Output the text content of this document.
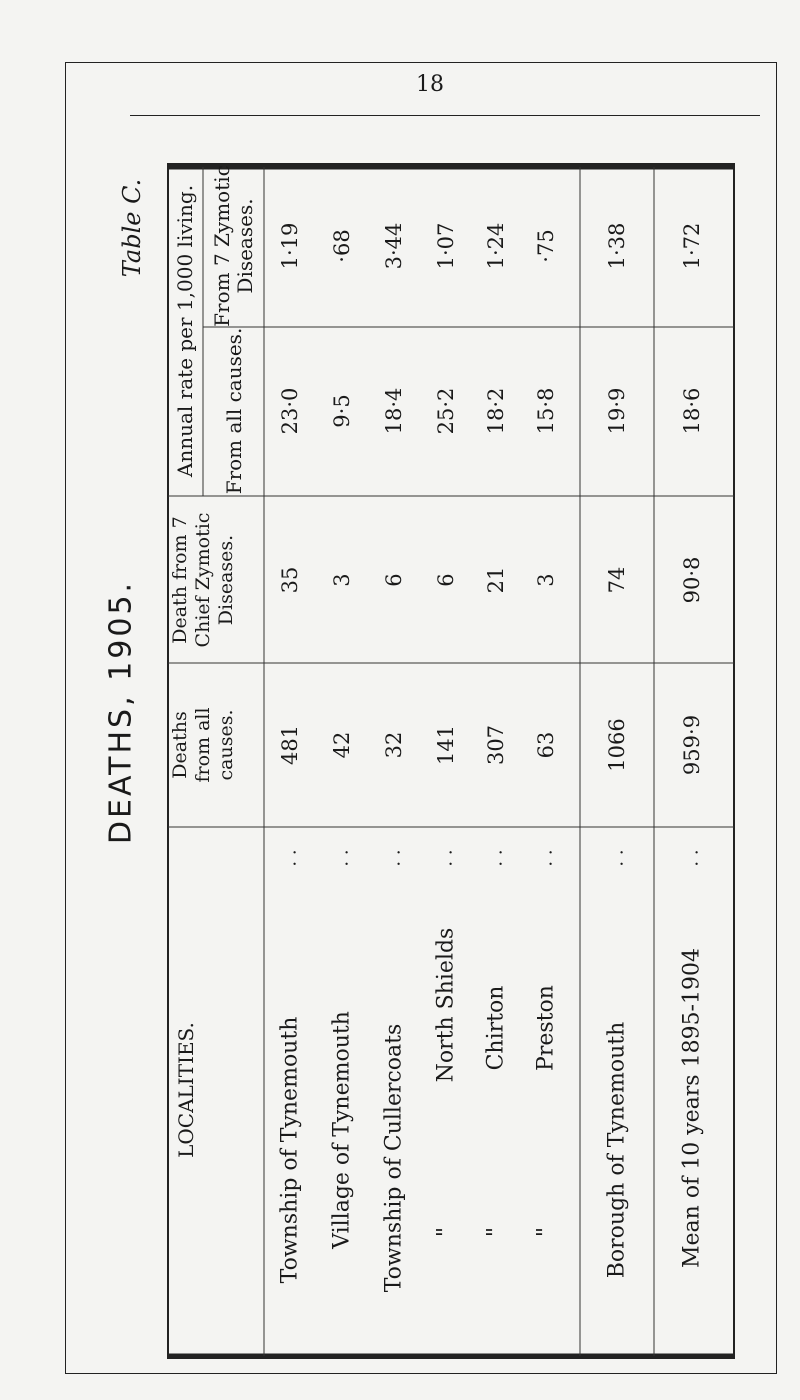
18
Table C.
DEATHS, 1905.
LOCALITIES.
Deaths from all causes.
Death from 7 Chief Zymotic Diseases.
Annual rate per 1,000 living. From all causes.
From 7 Zymotic Diseases.
Township of Tynemouth
. .
481
35
23·0
1·19
Village of Tynemouth
. .
42
3
9·5
·68
Township of Cullercoats
. .
32
6
18·4
3·44
"
North Shields
. .
141
6
25·2
1·07
"
Chirton
. .
307
21
18·2
1·24
"
Preston
. .
63
3
15·8
·75
Borough of Tynemouth
. .
1066
74
19·9
1·38
Mean of 10 years 1895-1904
. .
959·9
90·8
18·6
1·72
